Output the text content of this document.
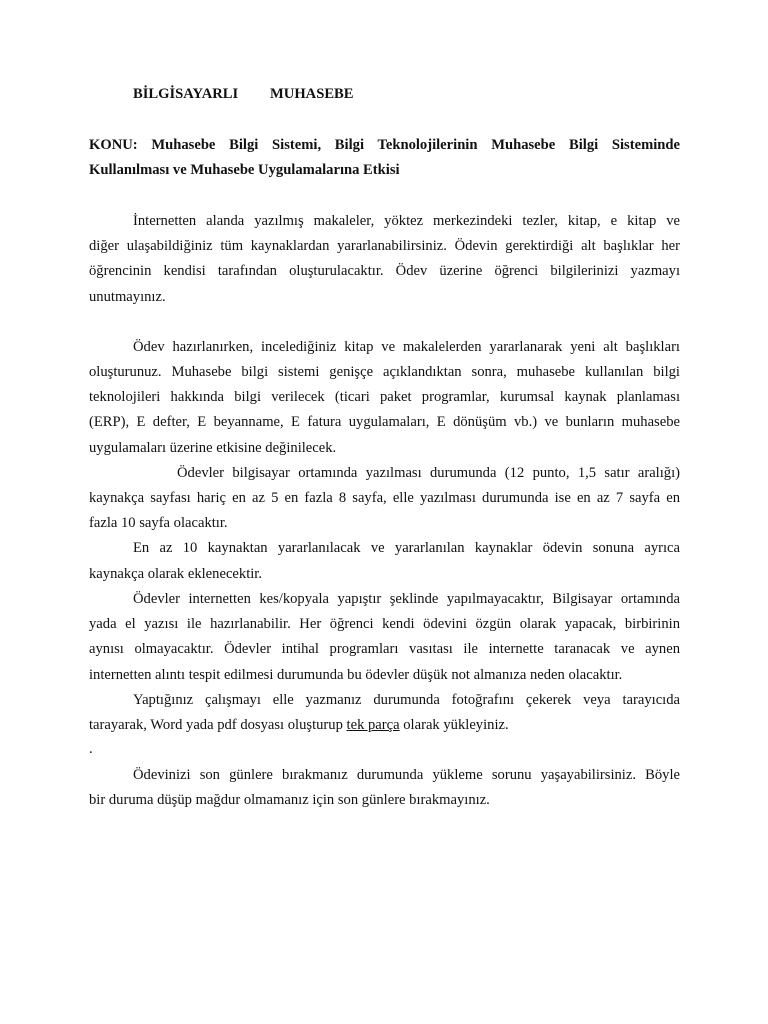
BİLGİSAYARLI MUHASEBE
KONU: Muhasebe Bilgi Sistemi, Bilgi Teknolojilerinin Muhasebe Bilgi Sisteminde
Kullanılması ve Muhasebe Uygulamalarına Etkisi
İnternetten alanda yazılmış makaleler, yöktez merkezindeki tezler, kitap, e kitap ve
diğer ulaşabildiğiniz tüm kaynaklardan yararlanabilirsiniz. Ödevin gerektirdiği alt başlıklar her
öğrencinin kendisi tarafından oluşturulacaktır. Ödev üzerine öğrenci bilgilerinizi yazmayı
unutmayınız.
Ödev hazırlanırken, incelediğiniz kitap ve makalelerden yararlanarak yeni alt başlıkları
oluşturunuz. Muhasebe bilgi sistemi genişçe açıklandıktan sonra, muhasebe kullanılan bilgi
teknolojileri hakkında bilgi verilecek (ticari paket programlar, kurumsal kaynak planlaması
(ERP), E defter, E beyanname, E fatura uygulamaları, E dönüşüm vb.) ve bunların muhasebe
uygulamaları üzerine etkisine değinilecek.
Ödevler bilgisayar ortamında yazılması durumunda (12 punto, 1,5 satır aralığı)
kaynakça sayfası hariç en az 5 en fazla 8 sayfa, elle yazılması durumunda ise en az 7 sayfa en
fazla 10 sayfa olacaktır.
En az 10 kaynaktan yararlanılacak ve yararlanılan kaynaklar ödevin sonuna ayrıca
kaynakça olarak eklenecektir.
Ödevler internetten kes/kopyala yapıştır şeklinde yapılmayacaktır, Bilgisayar ortamında
yada el yazısı ile hazırlanabilir. Her öğrenci kendi ödevini özgün olarak yapacak, birbirinin
aynısı olmayacaktır. Ödevler intihal programları vasıtası ile internette taranacak ve aynen
internetten alıntı tespit edilmesi durumunda bu ödevler düşük not almanıza neden olacaktır.
Yaptığınız çalışmayı elle yazmanız durumunda fotoğrafını çekerek veya tarayıcıda
tarayarak, Word yada pdf dosyası oluşturup tek parça olarak yükleyiniz.
.
Ödevinizi son günlere bırakmanız durumunda yükleme sorunu yaşayabilirsiniz. Böyle
bir duruma düşüp mağdur olmamanız için son günlere bırakmayınız.
